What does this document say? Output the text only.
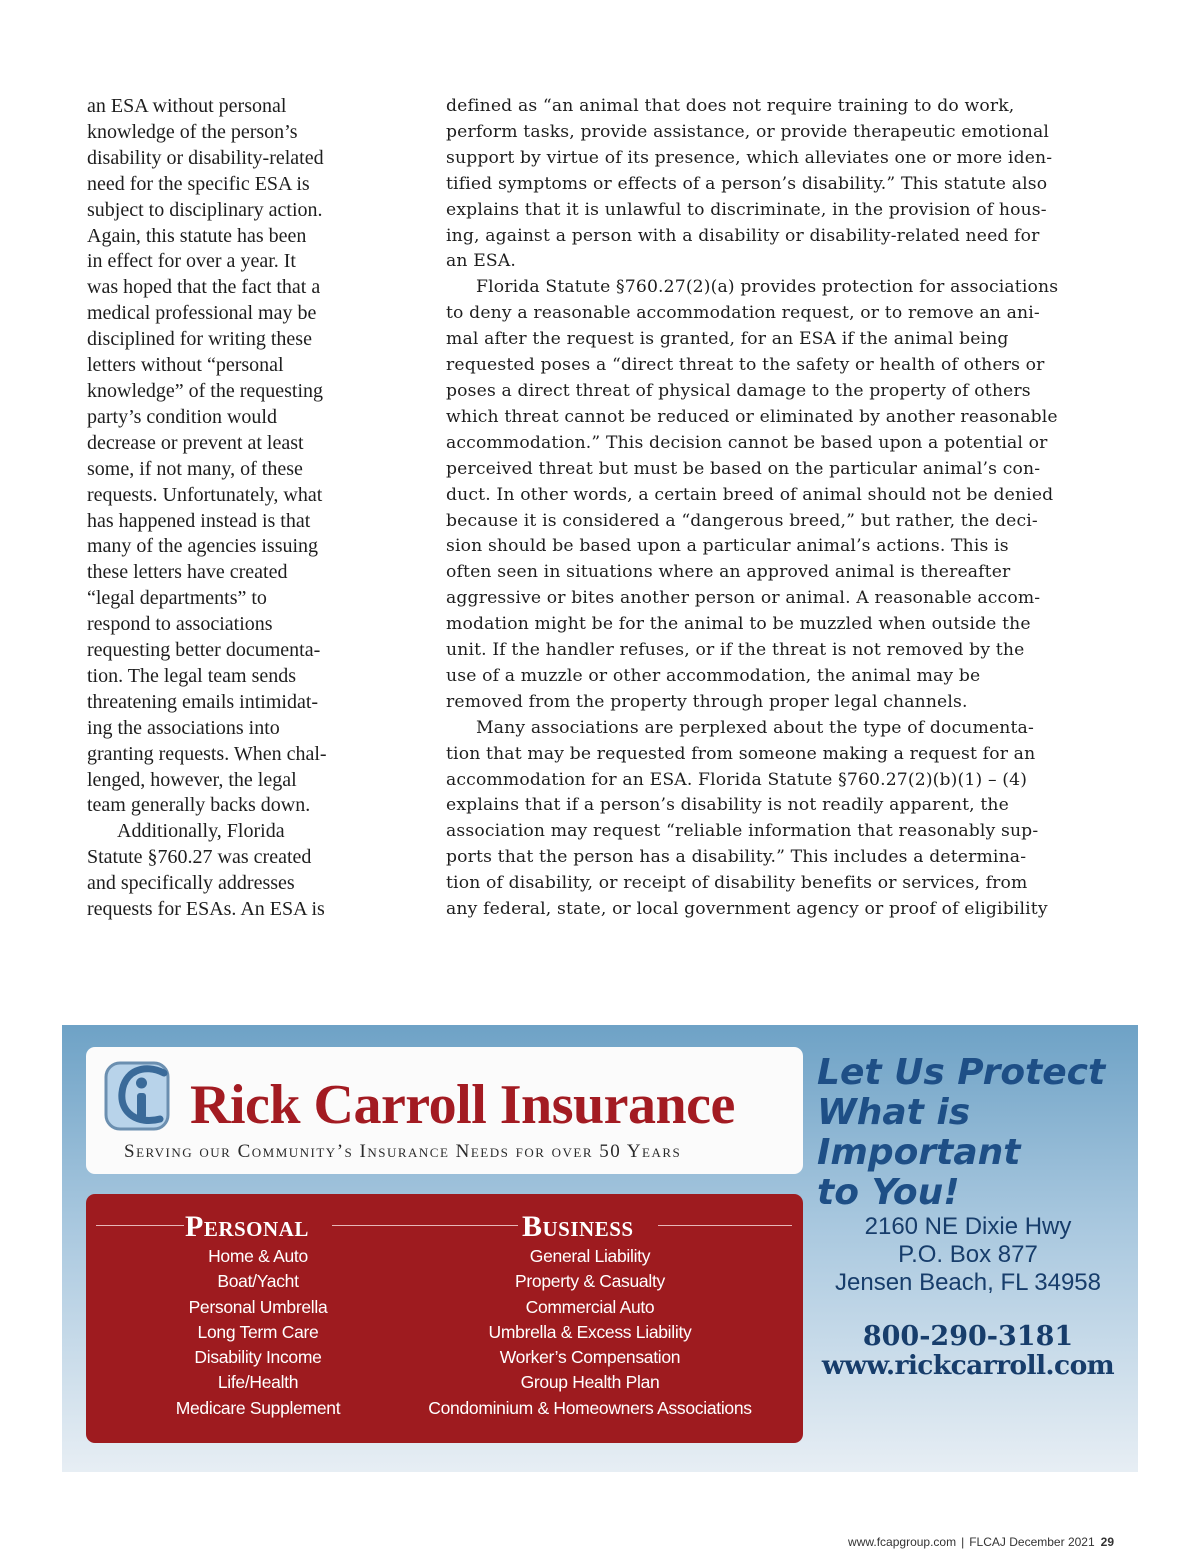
an ESA without personal
knowledge of the person’s
disability or disability-related
need for the specific ESA is
subject to disciplinary action.
Again, this statute has been
in effect for over a year. It
was hoped that the fact that a
medical professional may be
disciplined for writing these
letters without “personal
knowledge” of the requesting
party’s condition would
decrease or prevent at least
some, if not many, of these
requests. Unfortunately, what
has happened instead is that
many of the agencies issuing
these letters have created
“legal departments” to
respond to associations
requesting better documenta-
tion. The legal team sends
threatening emails intimidat-
ing the associations into
granting requests. When chal-
lenged, however, the legal
team generally backs down.
Additionally, Florida
Statute §760.27 was created
and specifically addresses
requests for ESAs. An ESA is
defined as “an animal that does not require training to do work,
perform tasks, provide assistance, or provide therapeutic emotional
support by virtue of its presence, which alleviates one or more iden-
tified symptoms or effects of a person’s disability.” This statute also
explains that it is unlawful to discriminate, in the provision of hous-
ing, against a person with a disability or disability-related need for
an ESA.
Florida Statute §760.27(2)(a) provides protection for associations
to deny a reasonable accommodation request, or to remove an ani-
mal after the request is granted, for an ESA if the animal being
requested poses a “direct threat to the safety or health of others or
poses a direct threat of physical damage to the property of others
which threat cannot be reduced or eliminated by another reasonable
accommodation.” This decision cannot be based upon a potential or
perceived threat but must be based on the particular animal’s con-
duct. In other words, a certain breed of animal should not be denied
because it is considered a “dangerous breed,” but rather, the deci-
sion should be based upon a particular animal’s actions. This is
often seen in situations where an approved animal is thereafter
aggressive or bites another person or animal. A reasonable accom-
modation might be for the animal to be muzzled when outside the
unit. If the handler refuses, or if the threat is not removed by the
use of a muzzle or other accommodation, the animal may be
removed from the property through proper legal channels.
Many associations are perplexed about the type of documenta-
tion that may be requested from someone making a request for an
accommodation for an ESA. Florida Statute §760.27(2)(b)(1) – (4)
explains that if a person’s disability is not readily apparent, the
association may request “reliable information that reasonably sup-
ports that the person has a disability.” This includes a determina-
tion of disability, or receipt of disability benefits or services, from
any federal, state, or local government agency or proof of eligibility
Rick Carroll Insurance
Serving our Community’s Insurance Needs for over 50 Years
Let Us Protect
What is Important
to You!
Personal	Business
Home & Auto
Boat/Yacht
Personal Umbrella
Long Term Care
Disability Income
Life/Health
Medicare Supplement
General Liability
Property & Casualty
Commercial Auto
Umbrella & Excess Liability
Worker’s Compensation
Group Health Plan
Condominium & Homeowners Associations
2160 NE Dixie Hwy
P.O. Box 877
Jensen Beach, FL 34958
800-290-3181
www.rickcarroll.com
www.fcapgroup.com | FLCAJ December 2021 29
